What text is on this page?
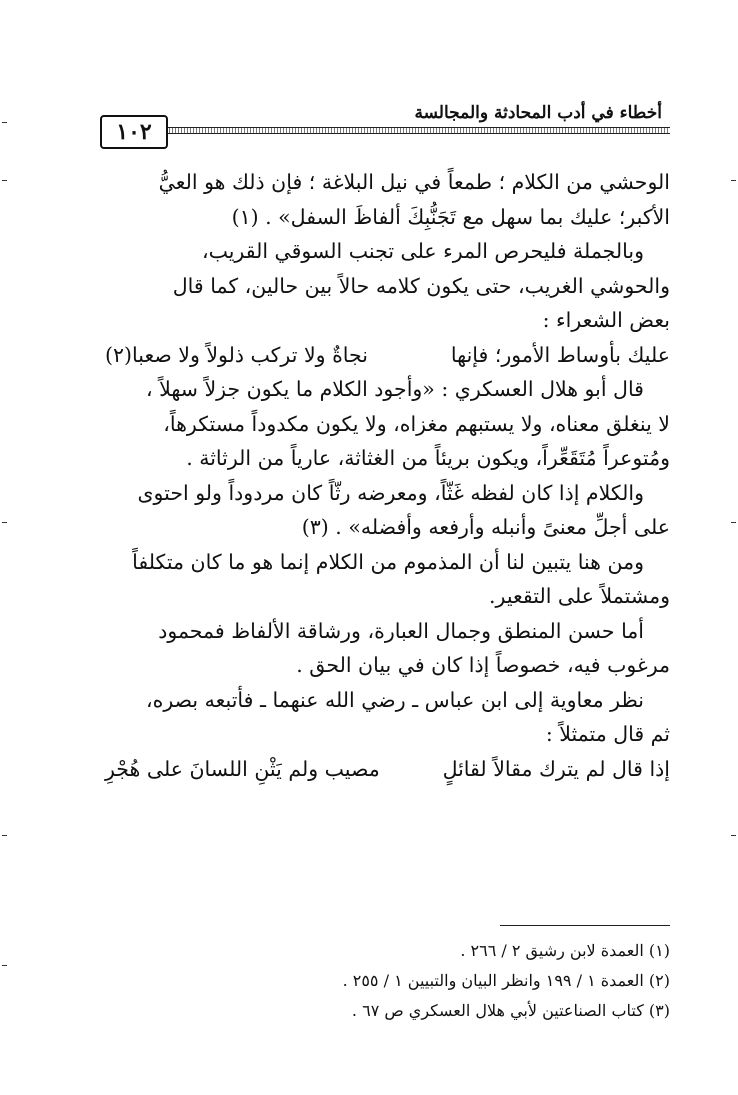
أخطاء في أدب المحادثة والمجالسة
١٠٢

الوحشي من الكلام ؛ طمعاً في نيل البلاغة ؛ فإن ذلك هو العيُّ

الأكبر؛ عليك بما سهل مع تَجَنُّبِكَ ألفاظَ السفل» . (١)

وبالجملة فليحرص المرء على تجنب السوقي القريب،

والحوشي الغريب، حتى يكون كلامه حالاً بين حالين، كما قال

بعض الشعراء :

عليك بأوساط الأمور؛ فإنها
نجاةٌ ولا تركب ذلولاً ولا صعبا(٢)

قال أبو هلال العسكري : «وأجود الكلام ما يكون جزلاً سهلاً ،

لا ينغلق معناه، ولا يستبهم مغزاه، ولا يكون مكدوداً مستكرهاً،

ومُتوعراً مُتَقَعِّراً، ويكون بريئاً من الغثاثة، عارياً من الرثاثة .

والكلام إذا كان لفظه غَثّاً، ومعرضه رثّاً كان مردوداً ولو احتوى

على أجلِّ معنىً وأنبله وأرفعه وأفضله» . (٣)

ومن هنا يتبين لنا أن المذموم من الكلام إنما هو ما كان متكلفاً

ومشتملاً على التقعير.

أما حسن المنطق وجمال العبارة، ورشاقة الألفاظ فمحمود

مرغوب فيه، خصوصاً إذا كان في بيان الحق .

نظر معاوية إلى ابن عباس ـ رضي الله عنهما ـ فأتبعه بصره،

ثم قال متمثلاً :

إذا قال لم يترك مقالاً لقائلٍ
مصيب ولم يَثْنِ اللسانَ على هُجْرِ

(١) العمدة لابن رشيق ٢ / ٢٦٦ .
(٢) العمدة ١ / ١٩٩ وانظر البيان والتبيين ١ / ٢٥٥ .
(٣) كتاب الصناعتين لأبي هلال العسكري ص ٦٧ .
